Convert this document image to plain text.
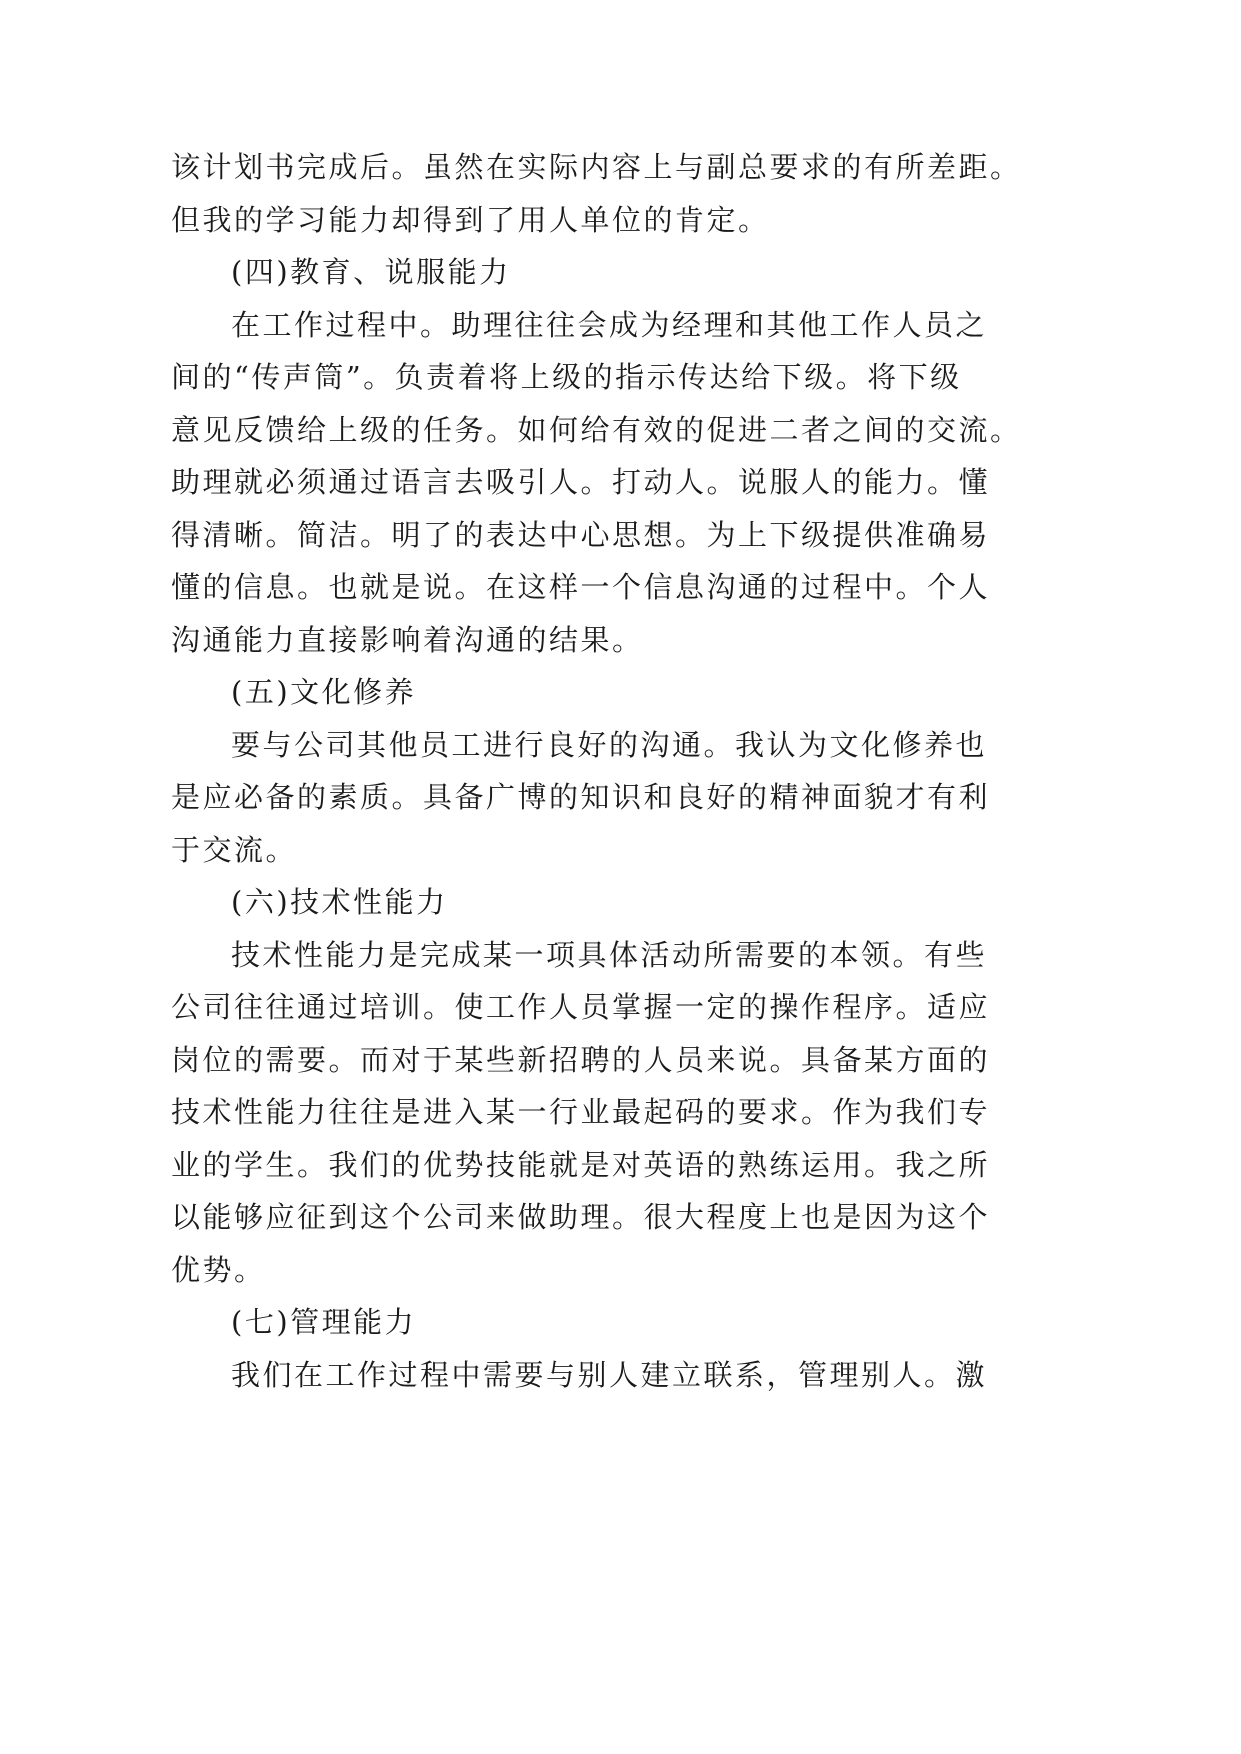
该计划书完成后。虽然在实际内容上与副总要求的有所差距。
但我的学习能力却得到了用人单位的肯定。
(四)教育、说服能力
在工作过程中。助理往往会成为经理和其他工作人员之
间的“传声筒”。负责着将上级的指示传达给下级。将下级
意见反馈给上级的任务。如何给有效的促进二者之间的交流。
助理就必须通过语言去吸引人。打动人。说服人的能力。懂
得清晰。简洁。明了的表达中心思想。为上下级提供准确易
懂的信息。也就是说。在这样一个信息沟通的过程中。个人
沟通能力直接影响着沟通的结果。
(五)文化修养
要与公司其他员工进行良好的沟通。我认为文化修养也
是应必备的素质。具备广博的知识和良好的精神面貌才有利
于交流。
(六)技术性能力
技术性能力是完成某一项具体活动所需要的本领。有些
公司往往通过培训。使工作人员掌握一定的操作程序。适应
岗位的需要。而对于某些新招聘的人员来说。具备某方面的
技术性能力往往是进入某一行业最起码的要求。作为我们专
业的学生。我们的优势技能就是对英语的熟练运用。我之所
以能够应征到这个公司来做助理。很大程度上也是因为这个
优势。
(七)管理能力
我们在工作过程中需要与别人建立联系，管理别人。激
